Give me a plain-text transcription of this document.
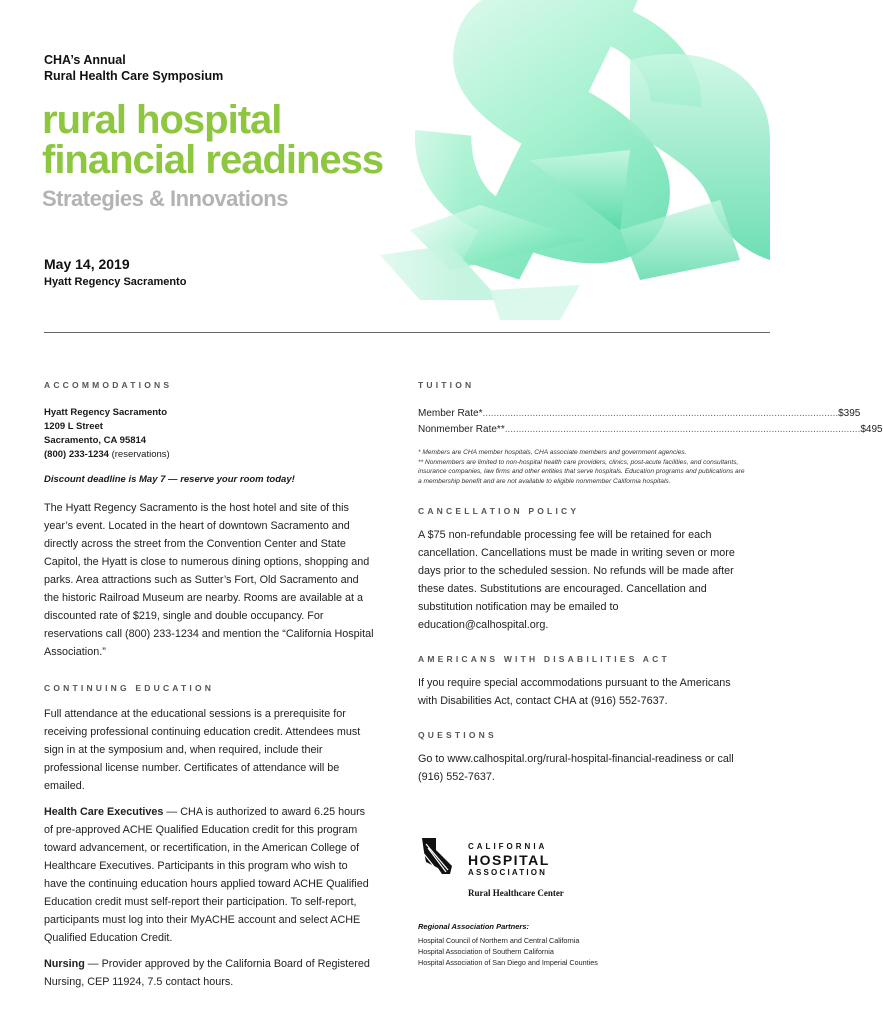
CHA’s Annual
Rural Health Care Symposium
rural hospital
financial readiness
Strategies & Innovations
May 14, 2019
Hyatt Regency Sacramento
ACCOMMODATIONS
Hyatt Regency Sacramento
1209 L Street
Sacramento, CA 95814
(800) 233-1234 (reservations)
Discount deadline is May 7 — reserve your room today!

The Hyatt Regency Sacramento is the host hotel and site of this year’s event. Located in the heart of downtown Sacramento and directly across the street from the Convention Center and State Capitol, the Hyatt is close to numerous dining options, shopping and parks. Area attractions such as Sutter’s Fort, Old Sacramento and the historic Railroad Museum are nearby. Rooms are available at a discounted rate of $219, single and double occupancy. For reservations call (800) 233-1234 and mention the “California Hospital Association.”

CONTINUING EDUCATION

Full attendance at the educational sessions is a prerequisite for receiving professional continuing education credit. Attendees must sign in at the symposium and, when required, include their professional license number. Certificates of attendance will be emailed.

Health Care Executives — CHA is authorized to award 6.25 hours of pre-approved ACHE Qualified Education credit for this program toward advancement, or recertification, in the American College of Healthcare Executives. Participants in this program who wish to have the continuing education hours applied toward ACHE Qualified Education credit must self-report their participation. To self-report, participants must log into their MyACHE account and select ACHE Qualified Education Credit.

Nursing — Provider approved by the California Board of Registered Nursing, CEP 11924, 7.5 contact hours.

TUITION
Member Rate* ................................................................................................................................ $395
Nonmember Rate** ................................................................................................................................ $495
* Members are CHA member hospitals, CHA associate members and government agencies.
** Nonmembers are limited to non-hospital health care providers, clinics, post-acute facilities, and consultants, insurance companies, law firms and other entities that serve hospitals. Education programs and publications are a membership benefit and are not available to eligible nonmember California hospitals.
CANCELLATION POLICY

A $75 non-refundable processing fee will be retained for each cancellation. Cancellations must be made in writing seven or more days prior to the scheduled session. No refunds will be made after these dates. Substitutions are encouraged. Cancellation and substitution notification may be emailed to education@calhospital.org.

AMERICANS WITH DISABILITIES ACT

If you require special accommodations pursuant to the Americans with Disabilities Act, contact CHA at (916) 552-7637.

QUESTIONS

Go to www.calhospital.org/rural-hospital-financial-readiness or call (916) 552-7637.

CALIFORNIA
HOSPITAL
ASSOCIATION
Rural Healthcare Center
Regional Association Partners:
Hospital Council of Northern and Central California
Hospital Association of Southern California
Hospital Association of San Diego and Imperial Counties
